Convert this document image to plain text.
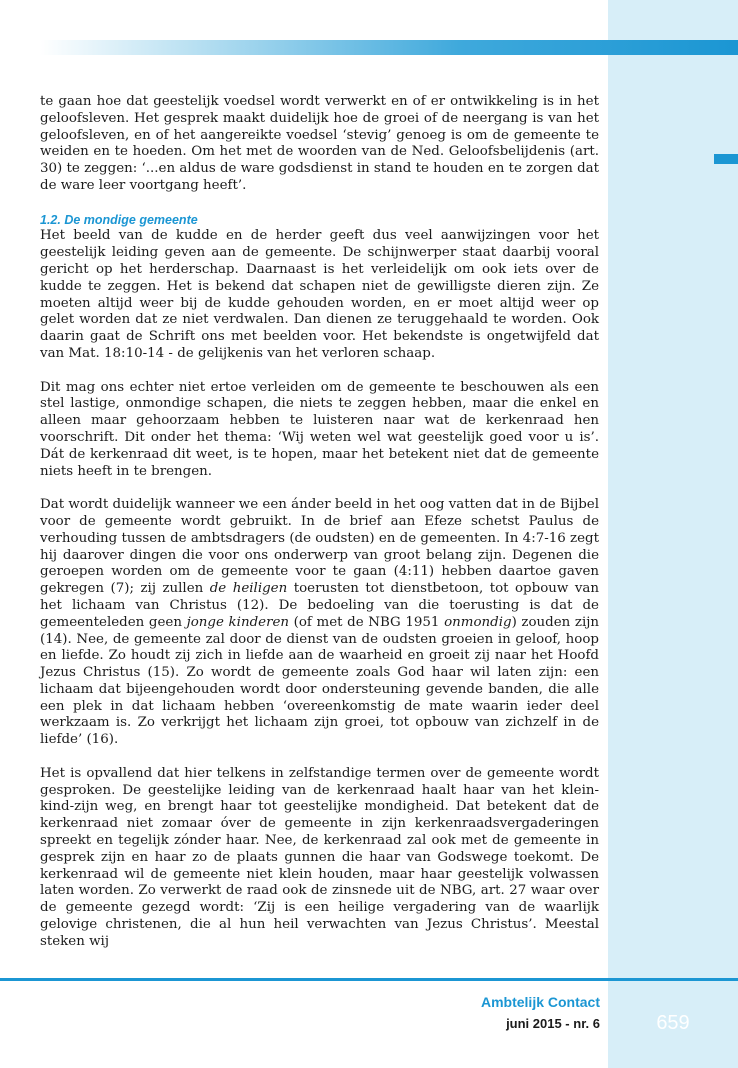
te gaan hoe dat geestelijk voedsel wordt verwerkt en of er ontwikkeling is in het geloofsleven. Het gesprek maakt duidelijk hoe de groei of de neergang is van het geloofsleven, en of het aangereikte voedsel ‘stevig’ genoeg is om de gemeente te weiden en te hoeden. Om het met de woorden van de Ned. Geloofsbelijdenis (art. 30) te zeggen: ‘...en aldus de ware godsdienst in stand te houden en te zorgen dat de ware leer voortgang heeft’.

1.2. De mondige gemeente

Het beeld van de kudde en de herder geeft dus veel aanwijzingen voor het geestelijk leiding geven aan de gemeente. De schijnwerper staat daarbij vooral gericht op het herderschap. Daarnaast is het verleidelijk om ook iets over de kudde te zeggen. Het is bekend dat schapen niet de gewilligste dieren zijn. Ze moeten altijd weer bij de kudde gehouden worden, en er moet altijd weer op gelet worden dat ze niet verdwalen. Dan dienen ze teruggehaald te worden. Ook daarin gaat de Schrift ons met beelden voor. Het bekendste is ongetwijfeld dat van Mat. 18:10-14 - de gelijkenis van het verloren schaap.

Dit mag ons echter niet ertoe verleiden om de gemeente te beschouwen als een stel lastige, onmondige schapen, die niets te zeggen hebben, maar die enkel en alleen maar gehoorzaam hebben te luisteren naar wat de kerkenraad hen voorschrift. Dit onder het thema: ‘Wij weten wel wat geestelijk goed voor u is’. Dát de kerkenraad dit weet, is te hopen, maar het betekent niet dat de gemeente niets heeft in te brengen.

Dat wordt duidelijk wanneer we een ánder beeld in het oog vatten dat in de Bijbel voor de gemeente wordt gebruikt. In de brief aan Efeze schetst Paulus de verhouding tussen de ambtsdragers (de oudsten) en de gemeenten. In 4:7-16 zegt hij daarover dingen die voor ons onderwerp van groot belang zijn. Degenen die geroepen worden om de gemeente voor te gaan (4:11) hebben daartoe gaven gekregen (7); zij zullen de heiligen toerusten tot dienstbetoon, tot opbouw van het lichaam van Christus (12). De bedoeling van die toerusting is dat de gemeenteleden geen jonge kinderen (of met de NBG 1951 onmondig) zouden zijn (14). Nee, de gemeente zal door de dienst van de oudsten groeien in geloof, hoop en liefde. Zo houdt zij zich in liefde aan de waarheid en groeit zij naar het Hoofd Jezus Christus (15). Zo wordt de gemeente zoals God haar wil laten zijn: een lichaam dat bijeengehouden wordt door ondersteuning gevende banden, die alle een plek in dat lichaam hebben ‘overeenkomstig de mate waarin ieder deel werkzaam is. Zo verkrijgt het lichaam zijn groei, tot opbouw van zichzelf in de liefde’ (16).

Het is opvallend dat hier telkens in zelfstandige termen over de gemeente wordt gesproken. De geestelijke leiding van de kerkenraad haalt haar van het klein-kind-zijn weg, en brengt haar tot geestelijke mondigheid. Dat betekent dat de kerkenraad niet zomaar óver de gemeente in zijn kerkenraadsvergaderingen spreekt en tegelijk zónder haar. Nee, de kerkenraad zal ook met de gemeente in gesprek zijn en haar zo de plaats gunnen die haar van Godswege toekomt. De kerkenraad wil de gemeente niet klein houden, maar haar geestelijk volwassen laten worden. Zo verwerkt de raad ook de zinsnede uit de NBG, art. 27 waar over de gemeente gezegd wordt: ‘Zij is een heilige vergadering van de waarlijk gelovige christenen, die al hun heil verwachten van Jezus Christus’. Meestal steken wij

Ambtelijk Contact
juni 2015 - nr. 6	659
